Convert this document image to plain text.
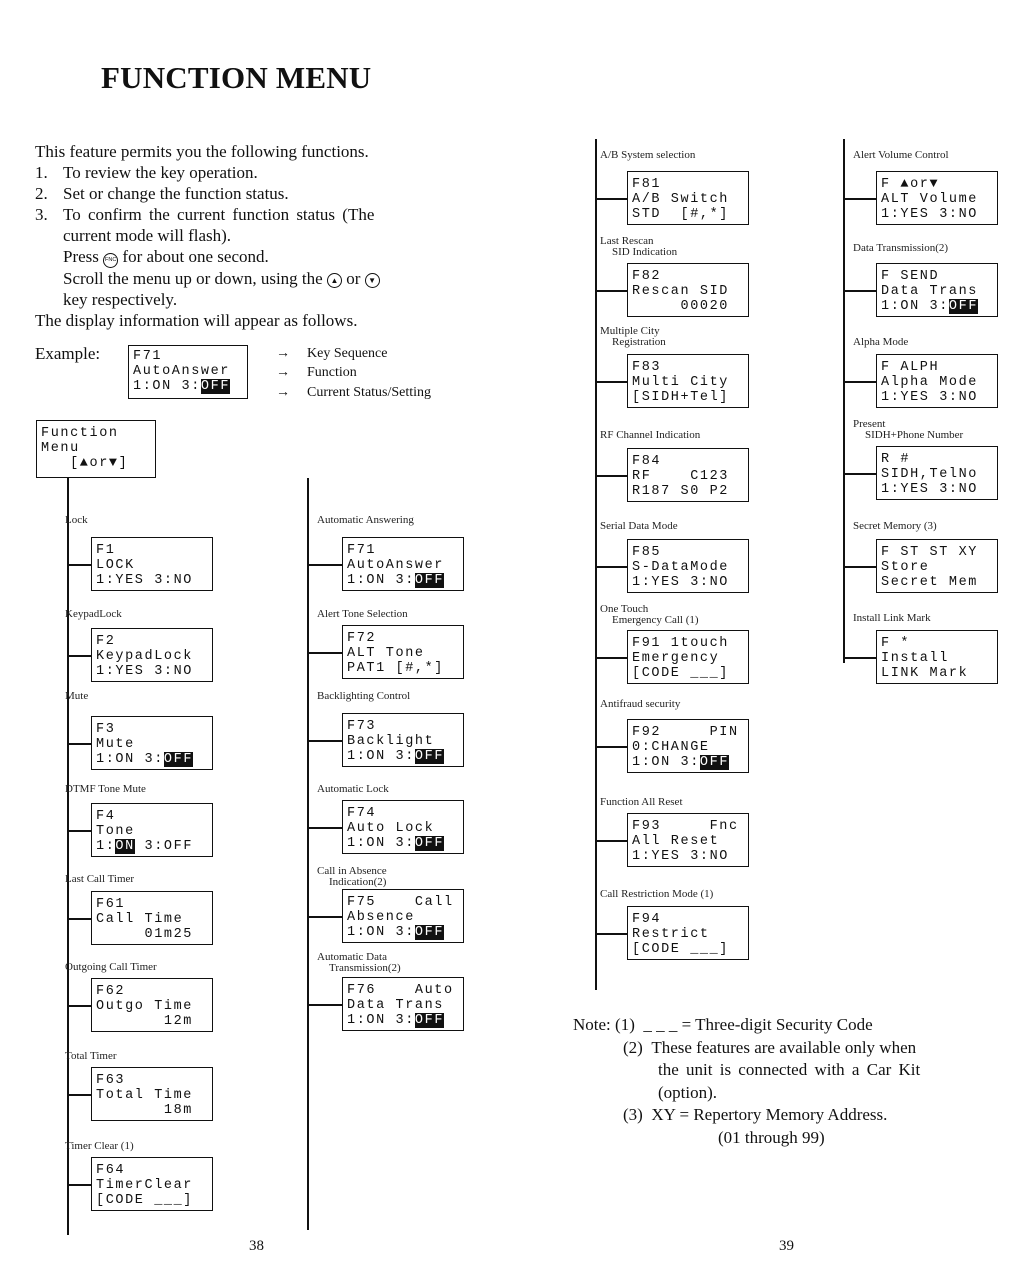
FUNCTION MENU
This feature permits you the following functions.
1. To review the key operation.
2. Set or change the function status.
3. To confirm the current function status (The
current mode will flash).
Press FNC for about one second.
Scroll the menu up or down, using the ▲ or ▼
key respectively.
The display information will appear as follows.
Example: F71
AutoAnswer
1:ON 3:OFF
→ Key Sequence
→ Function
→ Current Status/Setting
Function
Menu
[▲or▼]
Lock
F1
LOCK
1:YES 3:NO
KeypadLock
F2
KeypadLock
1:YES 3:NO
Mute
F3
Mute
1:ON 3:OFF
DTMF Tone Mute
F4
Tone
1:ON 3:OFF
Last Call Timer
F61
Call Time
01m25
Outgoing Call Timer
F62
Outgo Time
12m
Total Timer
F63
Total Time
18m
Timer Clear (1)
F64
TimerClear
[CODE ___]
Automatic Answering
F71
AutoAnswer
1:ON 3:OFF
Alert Tone Selection
F72
ALT Tone
PAT1 [#,*]
Backlighting Control
F73
Backlight
1:ON 3:OFF
Automatic Lock
F74
Auto Lock
1:ON 3:OFF
Call in Absence
Indication(2)
F75    Call
Absence
1:ON 3:OFF
Automatic Data
Transmission(2)
F76    Auto
Data Trans
1:ON 3:OFF
A/B System selection
F81
A/B Switch
STD  [#,*]
Last Rescan
SID Indication
F82
Rescan SID
00020
Multiple City
Registration
F83
Multi City
[SIDH+Tel]
RF Channel Indication
F84
RF    C123
R187 S0 P2
Serial Data Mode
F85
S-DataMode
1:YES 3:NO
One Touch
Emergency Call (1)
F91 1touch
Emergency
[CODE ___]
Antifraud security
F92     PIN
0:CHANGE
1:ON 3:OFF
Function All Reset
F93     Fnc
All Reset
1:YES 3:NO
Call Restriction Mode (1)
F94
Restrict
[CODE ___]
Alert Volume Control
F ▲or▼
ALT Volume
1:YES 3:NO
Data Transmission(2)
F SEND
Data Trans
1:ON 3:OFF
Alpha Mode
F ALPH
Alpha Mode
1:YES 3:NO
Present
SIDH+Phone Number
R #
SIDH,TelNo
1:YES 3:NO
Secret Memory (3)
F ST ST XY
Store
Secret Mem
Install Link Mark
F *
Install
LINK Mark
Note: (1) _ _ _ = Three-digit Security Code
(2) These features are available only when
the unit is connected with a Car Kit
(option).
(3) XY = Repertory Memory Address.
(01 through 99)
38	39
